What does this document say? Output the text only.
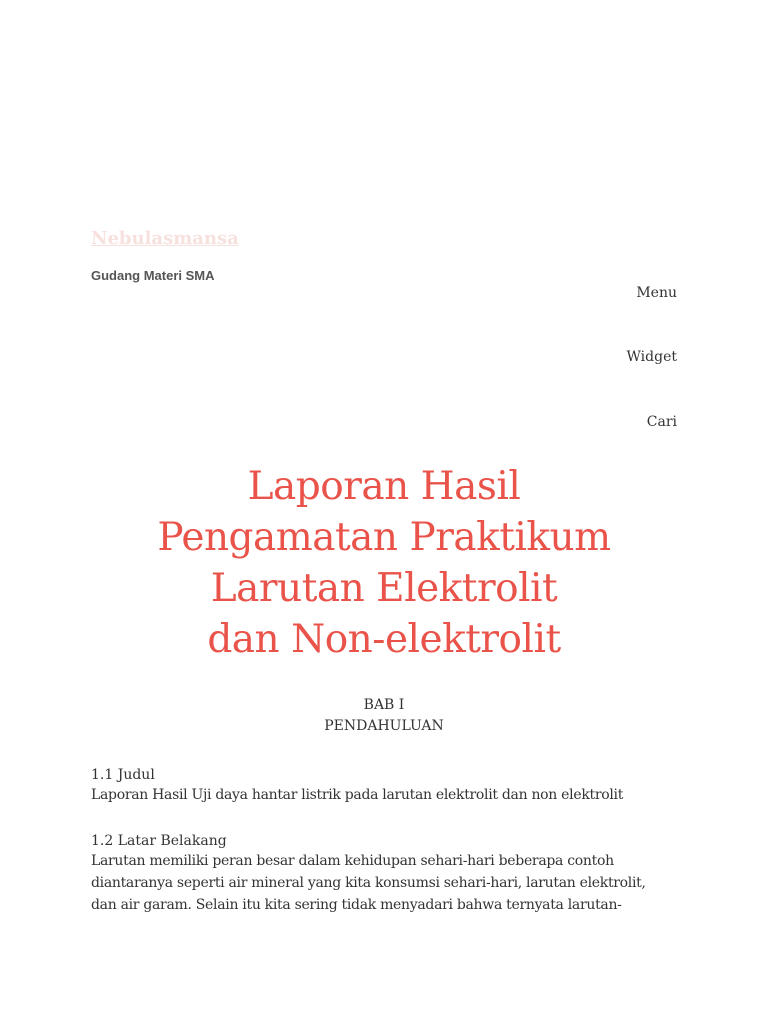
Nebulasmansa
Gudang Materi SMA
Menu
Widget
Cari
Laporan Hasil
Pengamatan Praktikum
Larutan Elektrolit
dan Non-elektrolit
BAB I
PENDAHULUAN

1.1 Judul

Laporan Hasil Uji daya hantar listrik pada larutan elektrolit dan non elektrolit

1.2 Latar Belakang

Larutan memiliki peran besar dalam kehidupan sehari-hari beberapa contoh
diantaranya seperti air mineral yang kita konsumsi sehari-hari, larutan elektrolit,
dan air garam. Selain itu kita sering tidak menyadari bahwa ternyata larutan-
